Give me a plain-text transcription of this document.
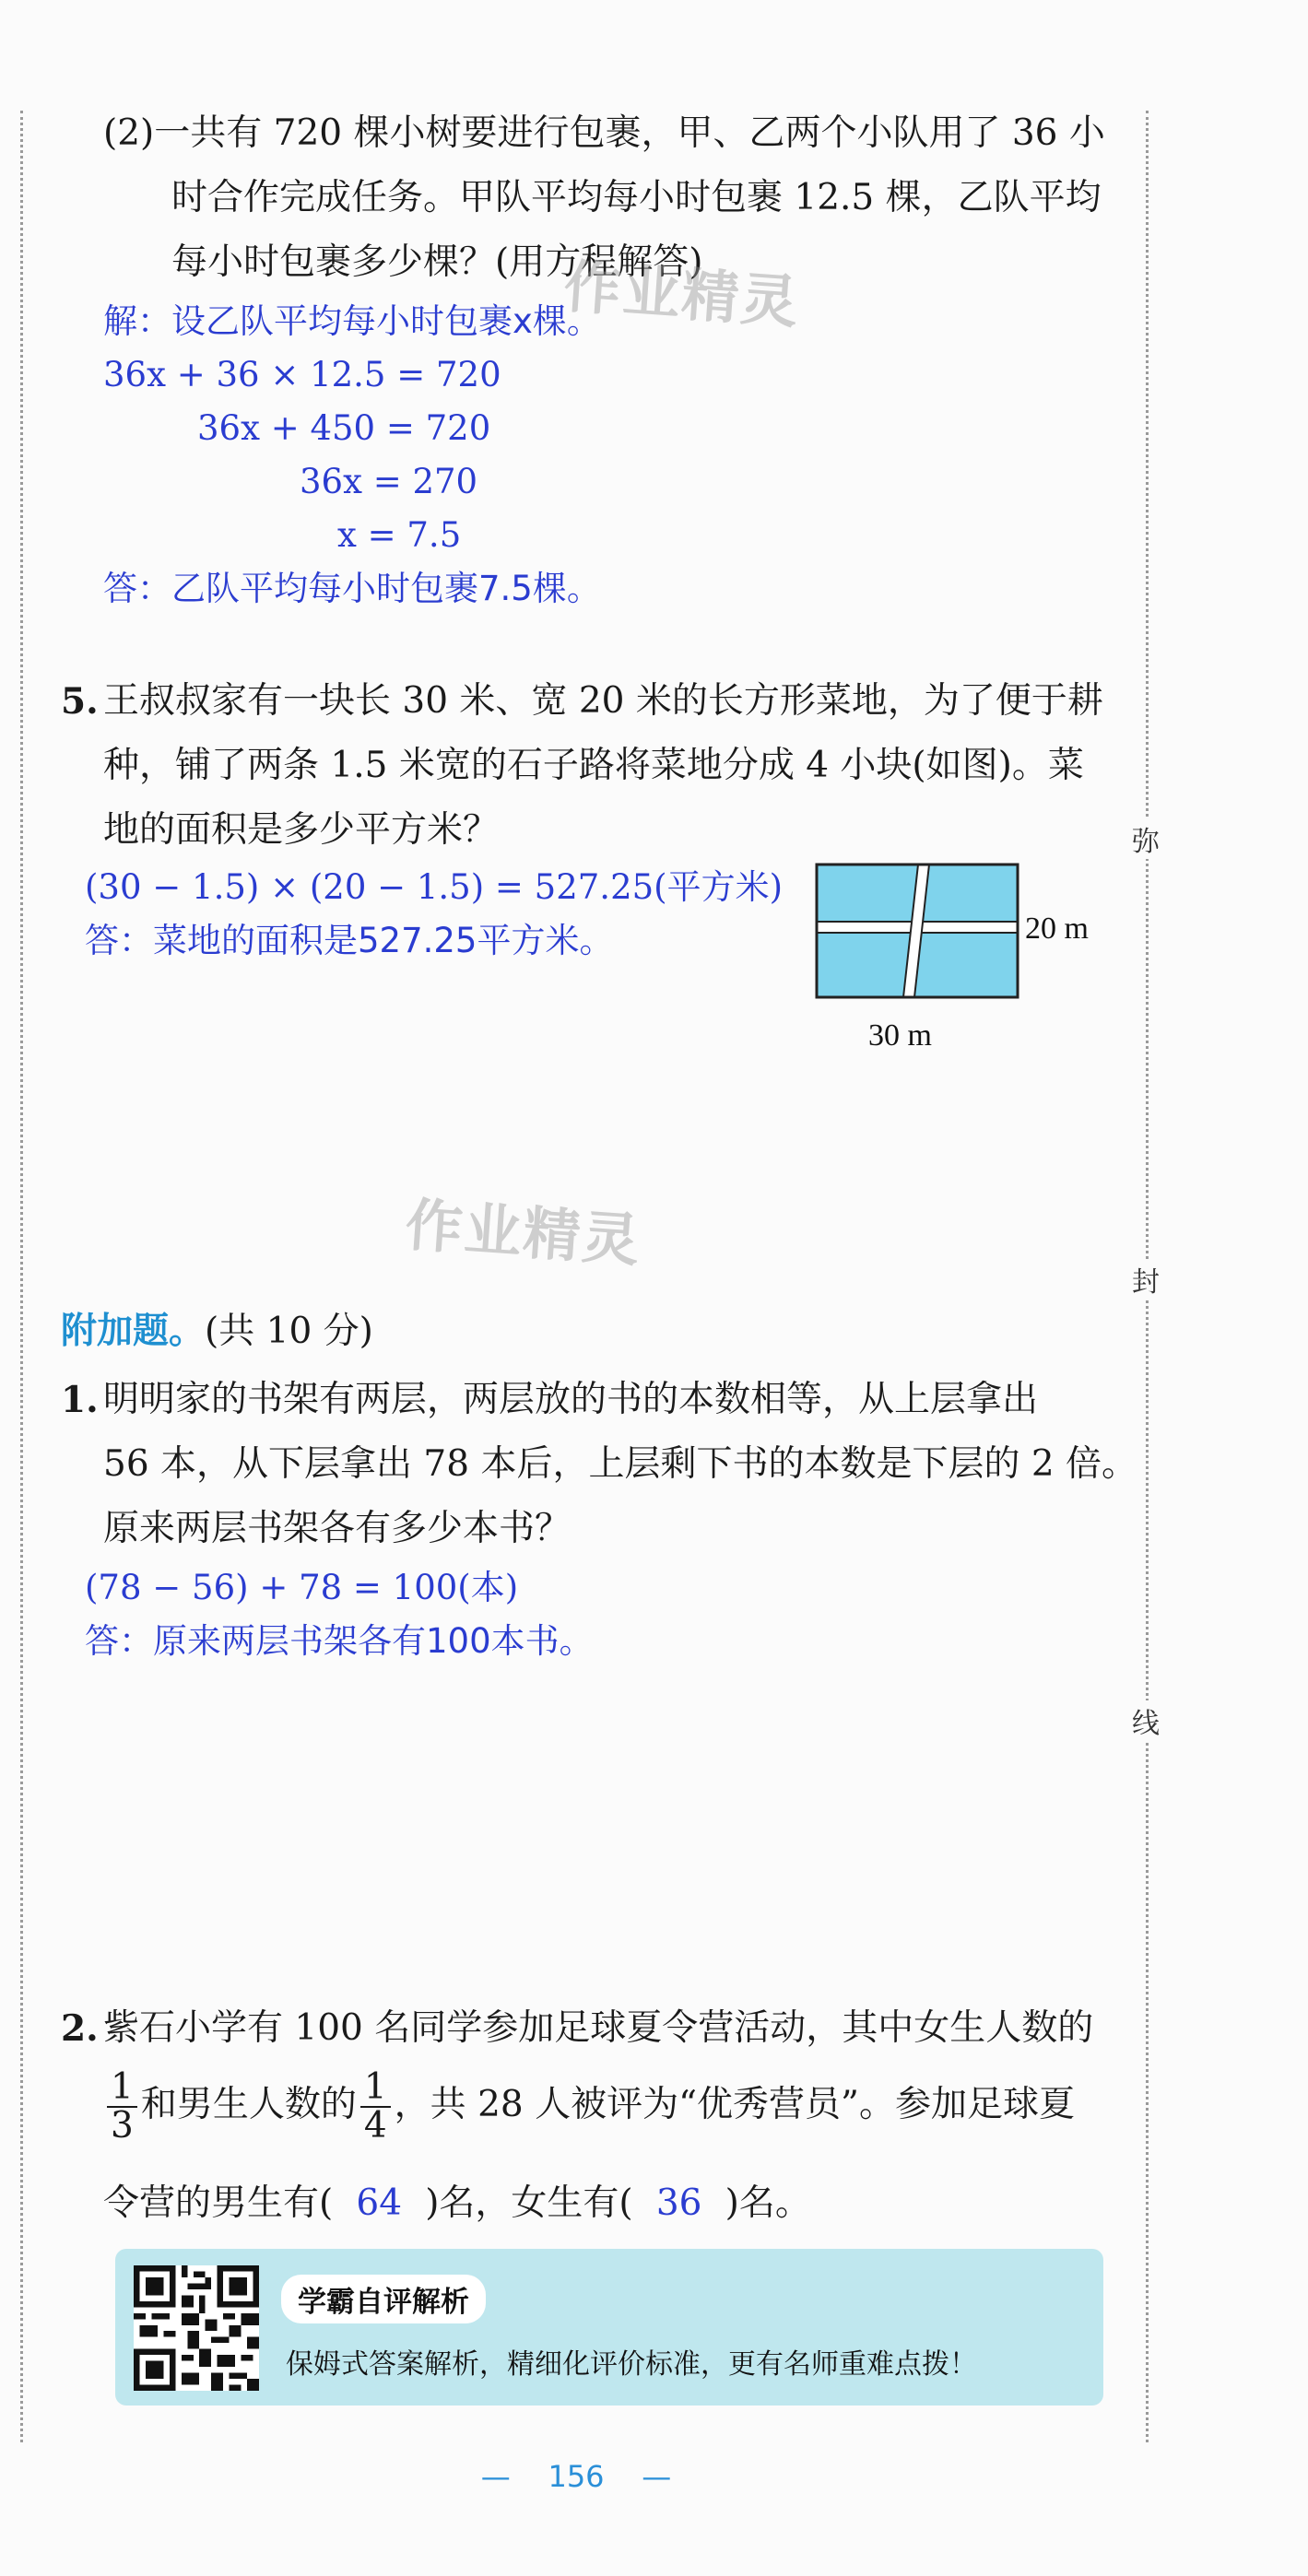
弥
封
线
(2)一共有 720 棵小树要进行包裹，甲、乙两个小队用了 36 小
时合作完成任务。甲队平均每小时包裹 12.5 棵，乙队平均
每小时包裹多少棵？(用方程解答)
作业精灵
解：设乙队平均每小时包裹x棵。
36x + 36 × 12.5 = 720
36x + 450 = 720
36x = 270
x = 7.5
答：乙队平均每小时包裹7.5棵。
5. 王叔叔家有一块长 30 米、宽 20 米的长方形菜地，为了便于耕
种，铺了两条 1.5 米宽的石子路将菜地分成 4 小块(如图)。菜
地的面积是多少平方米？
(30 − 1.5) × (20 − 1.5) = 527.25(平方米)
答：菜地的面积是527.25平方米。	20 m
30 m
作业精灵
附加题。(共 10 分)
1. 明明家的书架有两层，两层放的书的本数相等，从上层拿出
56 本，从下层拿出 78 本后，上层剩下书的本数是下层的 2 倍。
原来两层书架各有多少本书？
(78 − 56) + 78 = 100(本)
答：原来两层书架各有100本书。
2. 紫石小学有 100 名同学参加足球夏令营活动，其中女生人数的
$\frac{1}{3}$ 和男生人数的 $\frac{1}{4}$ ，共 28 人被评为“优秀营员”。参加足球夏
令营的男生有( 64 )名，女生有( 36 )名。
学霸自评解析
保姆式答案解析，精细化评价标准，更有名师重难点拨！
—    156    —
